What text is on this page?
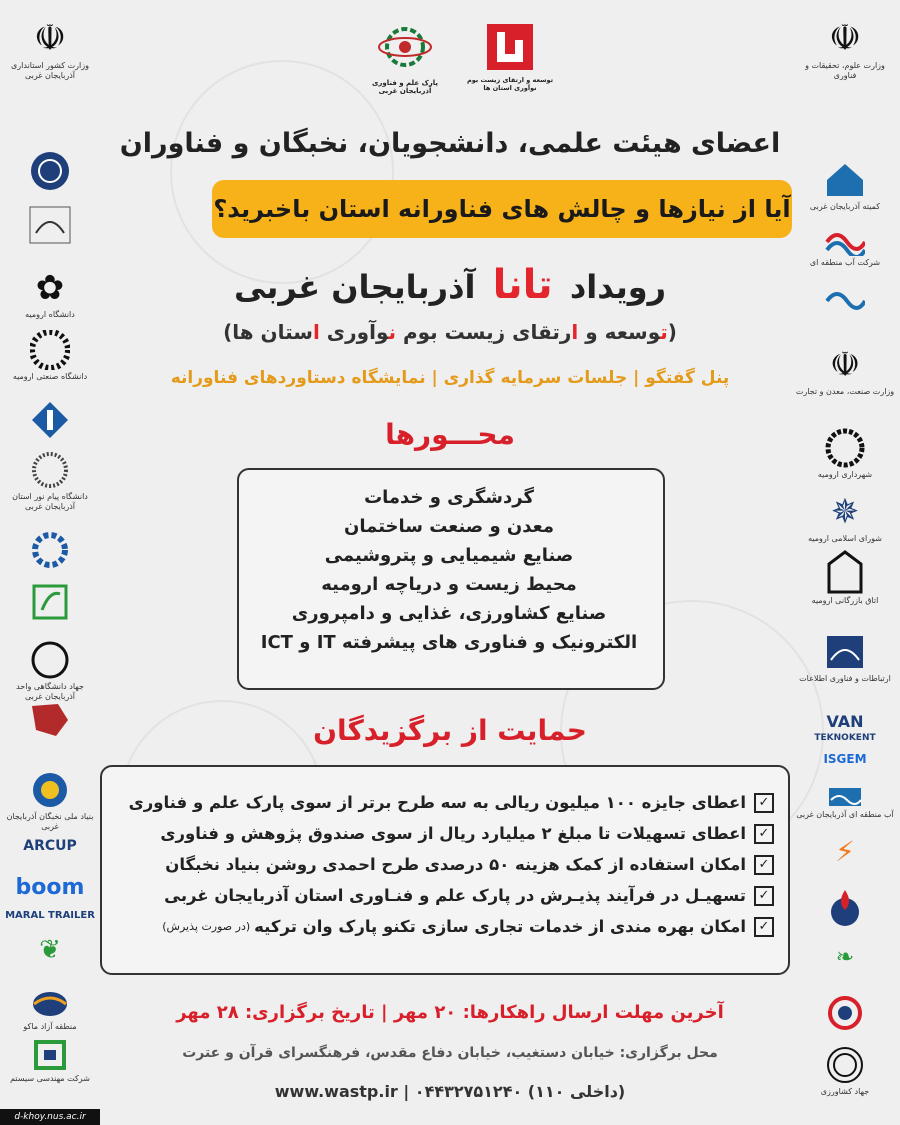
پارک علم و فناوری آذربایجان غربی
توسعه و ارتقای زیست بوم نوآوری استان ها
☫
وزارت کشور استانداری آذربایجان غربی
✿
دانشگاه ارومیه
دانشگاه صنعتی ارومیه
دانشگاه پیام نور استان آذربایجان غربی
جهاد دانشگاهی واحد آذربایجان غربی
بنیاد ملی نخبگان آذربایجان غربی
ARCUP
boom
MARAL TRAILER
❦
منطقه آزاد ماکو
شرکت مهندسی سیستم
☫
وزارت علوم، تحقیقات و فناوری
کمیته آذربایجان غربی
شرکت آب منطقه ای
☫
وزارت صنعت، معدن و تجارت
شهرداری ارومیه
✵
شورای اسلامی ارومیه
اتاق بازرگانی ارومیه
ارتباطات و فناوری اطلاعات
VAN
TEKNOKENT
ISGEM
آب منطقه ای آذربایجان غربی
⚡
❧
جهاد کشاورزی
اعضای هیئت علمی، دانشجویان، نخبگان و فناوران
آیا از نیازها و چالش های فناورانه استان باخبرید؟
رویداد تانا آذربایجان غربی
(توسعه و ارتقای زیست بوم نوآوری استان ها)
پنل گفتگو | جلسات سرمایه گذاری | نمایشگاه دستاوردهای فناورانه
محـــورها
گردشگری و خدمات
معدن و صنعت ساختمان
صنایع شیمیایی و پتروشیمی
محیط زیست و دریاچه ارومیه
صنایع کشاورزی، غذایی و دامپروری
الکترونیک و فناوری های پیشرفته IT و ICT
حمایت از برگزیدگان
✓
اعطای جایزه ۱۰۰ میلیون ریالی به سه طرح برتر از سوی پارک علم و فناوری
✓
اعطای تسهیلات تا مبلغ ۲ میلیارد ریال از سوی صندوق پژوهش و فناوری
✓
امکان استفاده از کمک هزینه ۵۰ درصدی طرح احمدی روشن بنیاد نخبگان
✓
تسهیـل در فرآیند پذیـرش در پارک علم و فنـاوری استان آذربایجان غربی
✓
امکان بهره مندی از خدمات تجاری سازی تکنو پارک وان ترکیه
(در صورت پذیرش)
آخرین مهلت ارسال راهکارها: ۲۰ مهر | تاریخ برگزاری: ۲۸ مهر
محل برگزاری: خیابان دستغیب، خیابان دفاع مقدس، فرهنگسرای قرآن و عترت
www.wastp.ir | ۰۴۴۳۲۷۵۱۲۴۰ (داخلی ۱۱۰)
d-khoy.nus.ac.ir
